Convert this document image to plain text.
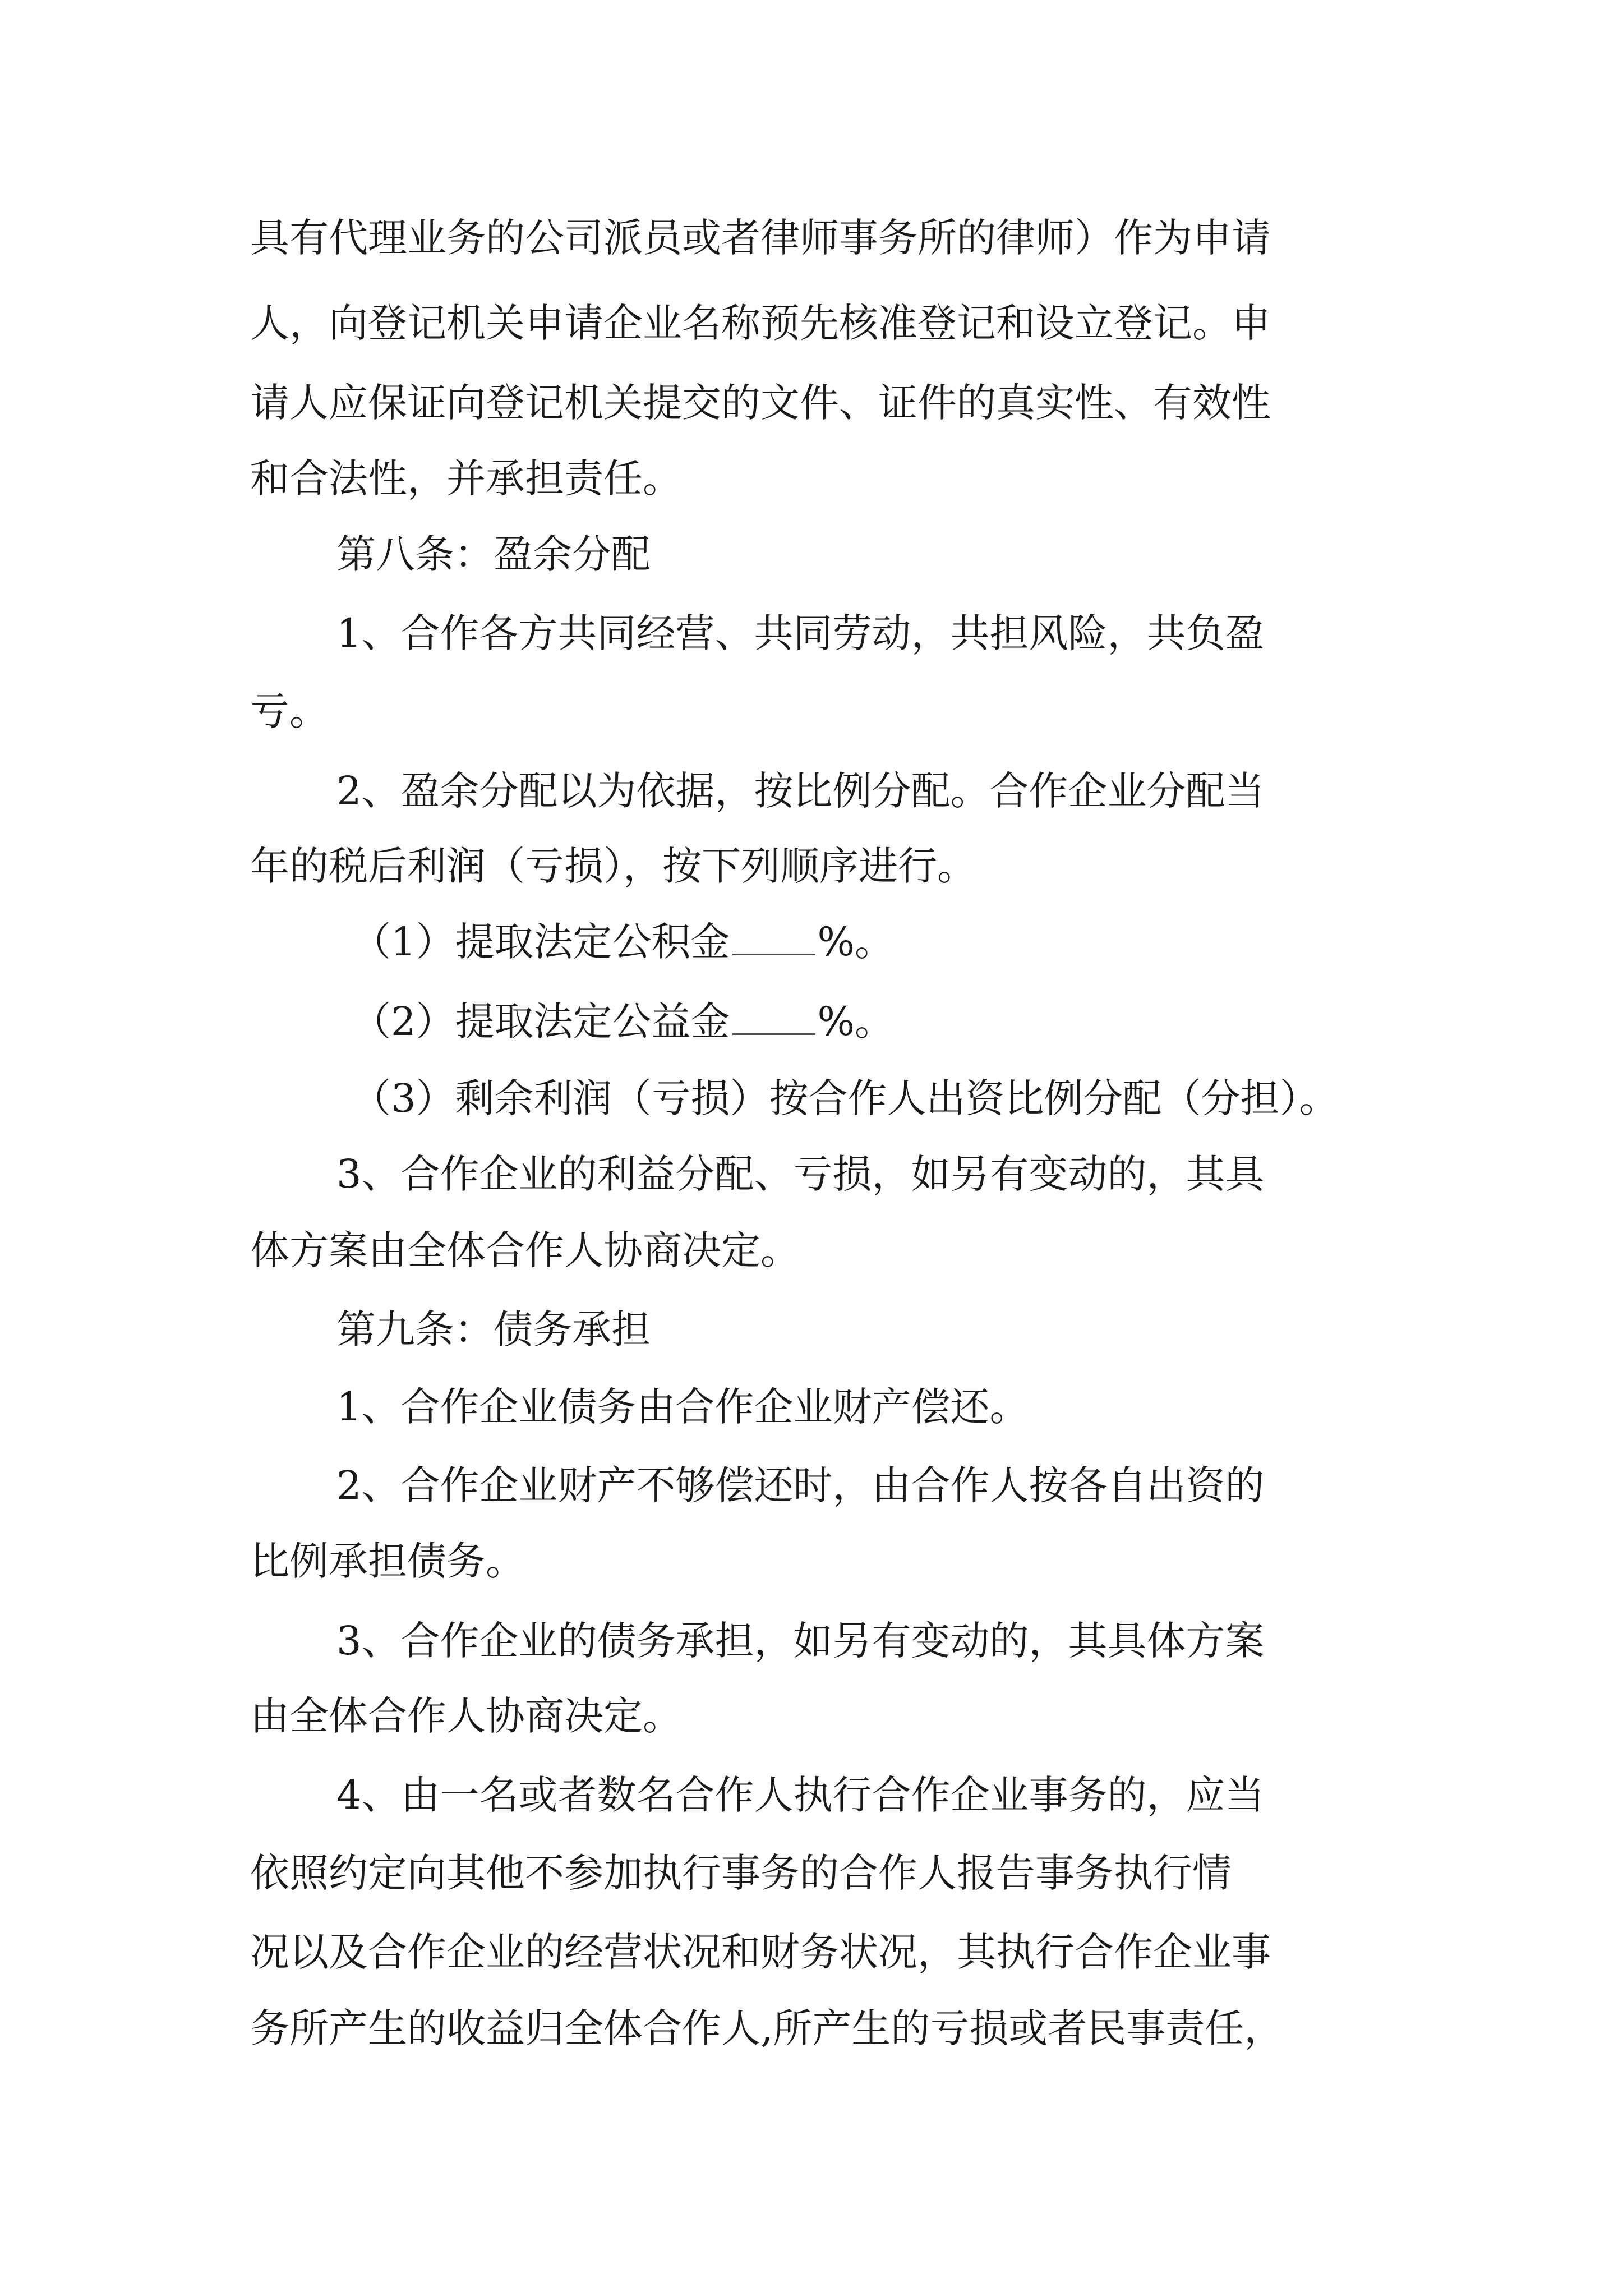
具有代理业务的公司派员或者律师事务所的律师）作为申请

人，向登记机关申请企业名称预先核准登记和设立登记。申

请人应保证向登记机关提交的文件、证件的真实性、有效性

和合法性，并承担责任。

第八条：盈余分配

1、合作各方共同经营、共同劳动，共担风险，共负盈

亏。

2、盈余分配以为依据，按比例分配。合作企业分配当

年的税后利润（亏损），按下列顺序进行。

（1）提取法定公积金 %。

（2）提取法定公益金 %。

（3）剩余利润（亏损）按合作人出资比例分配（分担）。

3、合作企业的利益分配、亏损，如另有变动的，其具

体方案由全体合作人协商决定。

第九条：债务承担

1、合作企业债务由合作企业财产偿还。

2、合作企业财产不够偿还时，由合作人按各自出资的

比例承担债务。

3、合作企业的债务承担，如另有变动的，其具体方案

由全体合作人协商决定。

4、由一名或者数名合作人执行合作企业事务的，应当

依照约定向其他不参加执行事务的合作人报告事务执行情

况以及合作企业的经营状况和财务状况，其执行合作企业事

务所产生的收益归全体合作人,所产生的亏损或者民事责任，
